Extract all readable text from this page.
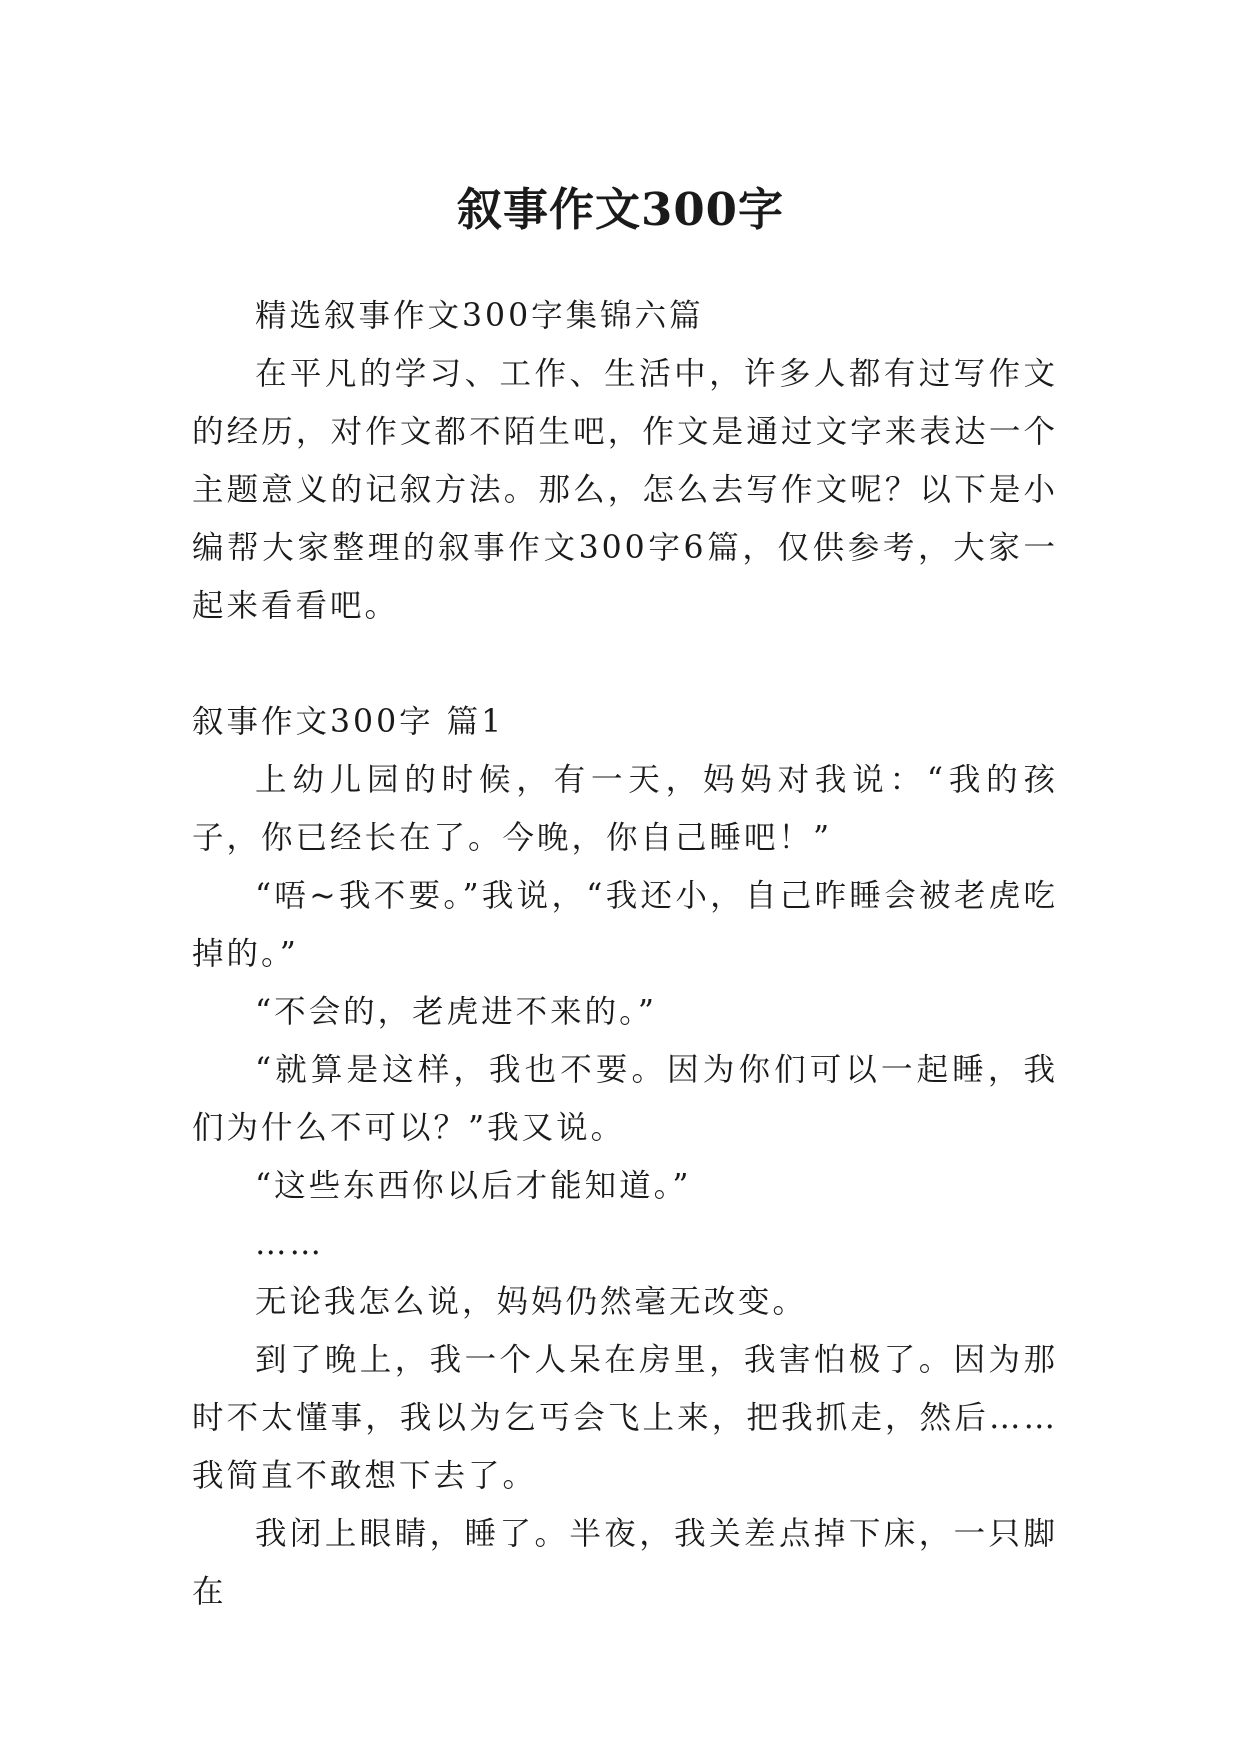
叙事作文300字

精选叙事作文300字集锦六篇

在平凡的学习、工作、生活中，许多人都有过写作文的经历，对作文都不陌生吧，作文是通过文字来表达一个主题意义的记叙方法。那么，怎么去写作文呢？以下是小编帮大家整理的叙事作文300字6篇，仅供参考，大家一起来看看吧。

叙事作文300字 篇1

上幼儿园的时候，有一天，妈妈对我说：“我的孩子，你已经长在了。今晚，你自己睡吧！”

“唔~我不要。”我说，“我还小，自己昨睡会被老虎吃掉的。”

“不会的，老虎进不来的。”

“就算是这样，我也不要。因为你们可以一起睡，我们为什么不可以？”我又说。

“这些东西你以后才能知道。”

……

无论我怎么说，妈妈仍然毫无改变。

到了晚上，我一个人呆在房里，我害怕极了。因为那时不太懂事，我以为乞丐会飞上来，把我抓走，然后……我简直不敢想下去了。

我闭上眼睛，睡了。半夜，我关差点掉下床，一只脚在
